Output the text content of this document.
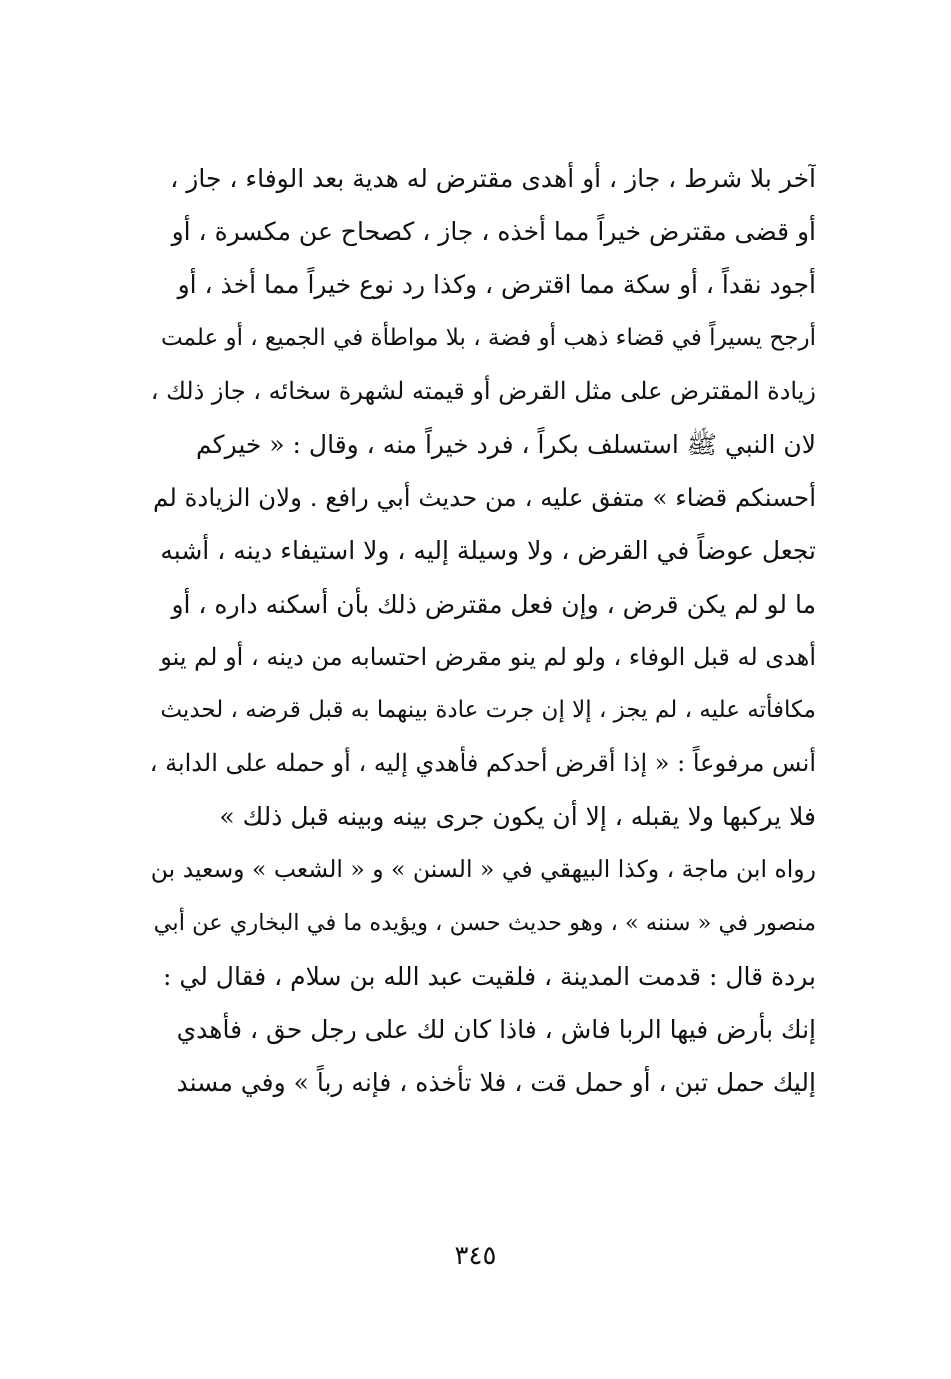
آخر بلا شرط ، جاز ، أو أهدى مقترض له هدية بعد الوفاء ، جاز ،
أو قضى مقترض خيراً مما أخذه ، جاز ، كصحاح عن مكسرة ، أو
أجود نقداً ، أو سكة مما اقترض ، وكذا رد نوع خيراً مما أخذ ، أو
أرجح يسيراً في قضاء ذهب أو فضة ، بلا مواطأة في الجميع ، أو علمت
زيادة المقترض على مثل القرض أو قيمته لشهرة سخائه ، جاز ذلك ،
لان النبي ﷺ استسلف بكراً ، فرد خيراً منه ، وقال : « خيركم
أحسنكم قضاء » متفق عليه ، من حديث أبي رافع . ولان الزيادة لم
تجعل عوضاً في القرض ، ولا وسيلة إليه ، ولا استيفاء دينه ، أشبه
ما لو لم يكن قرض ، وإن فعل مقترض ذلك بأن أسكنه داره ، أو
أهدى له قبل الوفاء ، ولو لم ينو مقرض احتسابه من دينه ، أو لم ينو
مكافأته عليه ، لم يجز ، إلا إن جرت عادة بينهما به قبل قرضه ، لحديث
أنس مرفوعاً : « إذا أقرض أحدكم فأهدي إليه ، أو حمله على الدابة ،
فلا يركبها ولا يقبله ، إلا أن يكون جرى بينه وبينه قبل ذلك »
رواه ابن ماجة ، وكذا البيهقي في « السنن » و « الشعب » وسعيد بن
منصور في « سننه » ، وهو حديث حسن ، ويؤيده ما في البخاري عن أبي
بردة قال : قدمت المدينة ، فلقيت عبد الله بن سلام ، فقال لي :
إنك بأرض فيها الربا فاش ، فاذا كان لك على رجل حق ، فأهدي
إليك حمل تبن ، أو حمل قت ، فلا تأخذه ، فإنه رباً » وفي مسند
٣٤٥
